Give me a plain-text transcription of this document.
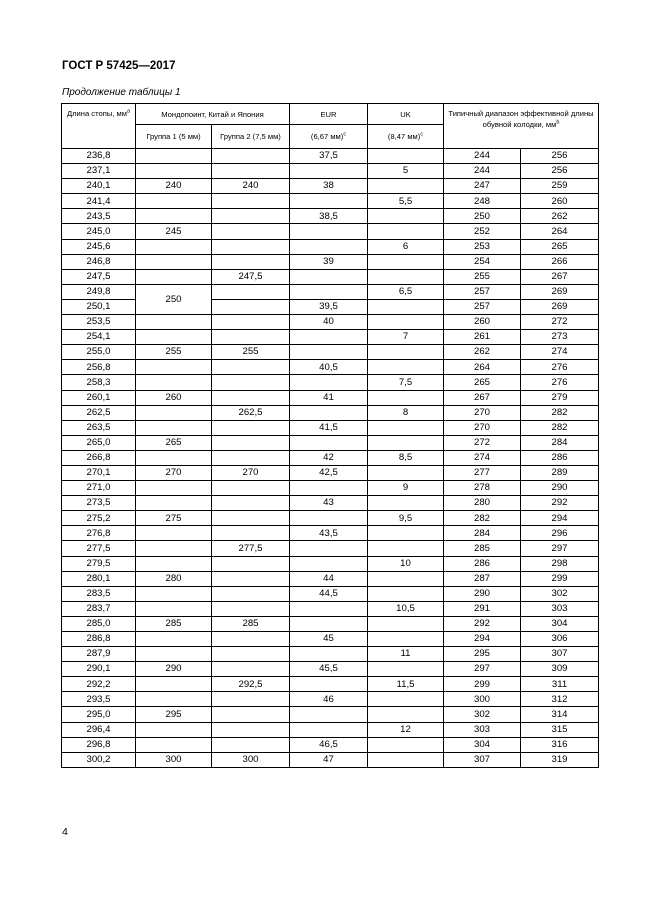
ГОСТ Р 57425—2017
Продолжение таблицы 1
Длина стопы, $мм^а$	Мондопоинт, Китай и Япония		EUR	UK	Типичный диапазон эффективной длины обувной колодки, $мм^b$
	Группа 1 (5 мм)	Группа 2 (7,5 мм)	(6,67 мм)$^с$	(8,47 мм)$^с$
236,8			37,5		244	256
237,1				5	244	256
240,1	240	240	38		247	259
241,4				5,5	248	260
243,5			38,5		250	262
245,0	245				252	264
245,6				6	253	265
246,8			39		254	266
247,5		247,5			255	267
249,8	250			6,5	257	269
250,1			39,5		257	269
253,5			40		260	272
254,1				7	261	273
255,0	255	255			262	274
256,8			40,5		264	276
258,3				7,5	265	276
260,1	260		41		267	279
262,5		262,5		8	270	282
263,5			41,5		270	282
265,0	265				272	284
266,8			42	8,5	274	286
270,1	270	270	42,5		277	289
271,0				9	278	290
273,5			43		280	292
275,2	275			9,5	282	294
276,8			43,5		284	296
277,5		277,5			285	297
279,5				10	286	298
280,1	280		44		287	299
283,5			44,5		290	302
283,7				10,5	291	303
285,0	285	285			292	304
286,8			45		294	306
287,9				11	295	307
290,1	290		45,5		297	309
292,2		292,5		11,5	299	311
293,5			46		300	312
295,0	295				302	314
296,4				12	303	315
296,8			46,5		304	316
300,2	300	300	47		307	319
4
